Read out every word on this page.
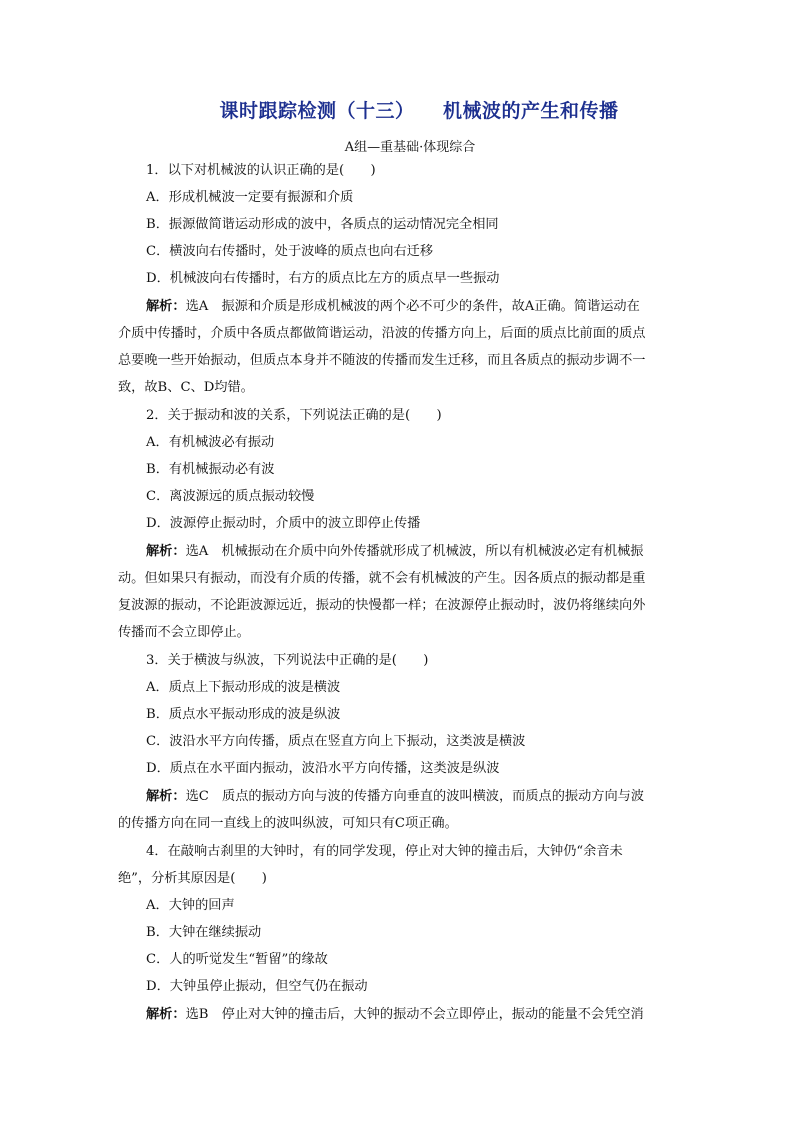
课时跟踪检测（十三）    机械波的产生和传播
A组—重基础·体现综合
1．以下对机械波的认识正确的是(　　)
A．形成机械波一定要有振源和介质
B．振源做简谐运动形成的波中，各质点的运动情况完全相同
C．横波向右传播时，处于波峰的质点也向右迁移
D．机械波向右传播时，右方的质点比左方的质点早一些振动
解析：选A　振源和介质是形成机械波的两个必不可少的条件，故A正确。简谐运动在
介质中传播时，介质中各质点都做简谐运动，沿波的传播方向上，后面的质点比前面的质点
总要晚一些开始振动，但质点本身并不随波的传播而发生迁移，而且各质点的振动步调不一
致，故B、C、D均错。
2．关于振动和波的关系，下列说法正确的是(　　)
A．有机械波必有振动
B．有机械振动必有波
C．离波源远的质点振动较慢
D．波源停止振动时，介质中的波立即停止传播
解析：选A　机械振动在介质中向外传播就形成了机械波，所以有机械波必定有机械振
动。但如果只有振动，而没有介质的传播，就不会有机械波的产生。因各质点的振动都是重
复波源的振动，不论距波源远近，振动的快慢都一样；在波源停止振动时，波仍将继续向外
传播而不会立即停止。
3．关于横波与纵波，下列说法中正确的是(　　)
A．质点上下振动形成的波是横波
B．质点水平振动形成的波是纵波
C．波沿水平方向传播，质点在竖直方向上下振动，这类波是横波
D．质点在水平面内振动，波沿水平方向传播，这类波是纵波
解析：选C　质点的振动方向与波的传播方向垂直的波叫横波，而质点的振动方向与波
的传播方向在同一直线上的波叫纵波，可知只有C项正确。
4．在敲响古刹里的大钟时，有的同学发现，停止对大钟的撞击后，大钟仍“余音未
绝”，分析其原因是(　　)
A．大钟的回声
B．大钟在继续振动
C．人的听觉发生“暂留”的缘故
D．大钟虽停止振动，但空气仍在振动
解析：选B　停止对大钟的撞击后，大钟的振动不会立即停止，振动的能量不会凭空消
